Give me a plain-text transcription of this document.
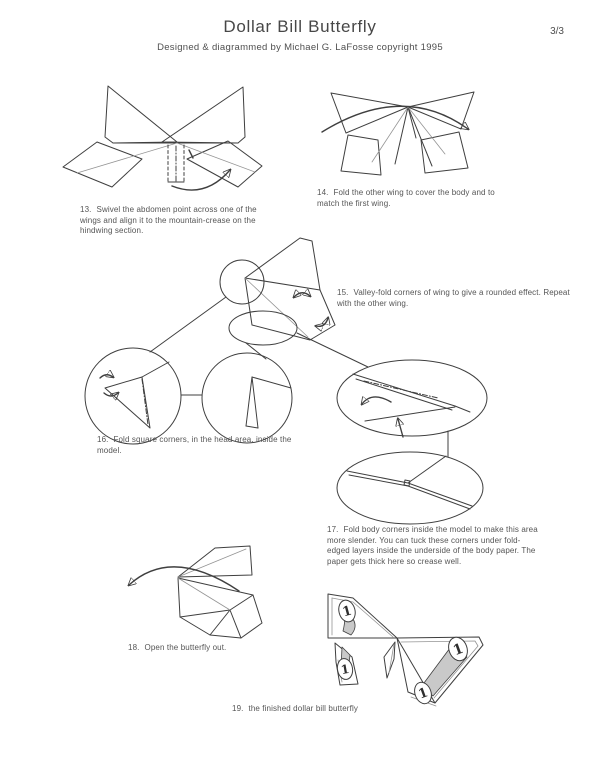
Dollar Bill Butterfly	3/3
Designed & diagrammed by Michael G. LaFosse copyright 1995
1
1
1
1
13. Swivel the abdomen point across one of the wings and align it to the mountain-crease on the hindwing section.
14. Fold the other wing to cover the body and to match the first wing.
15. Valley-fold corners of wing to give a rounded effect. Repeat with the other wing.
16. Fold square corners, in the head area, inside the model.
17. Fold body corners inside the model to make this area more slender. You can tuck these corners under fold-edged layers inside the underside of the body paper. The paper gets thick here so crease well.
18. Open the butterfly out.
19. the finished dollar bill butterfly
